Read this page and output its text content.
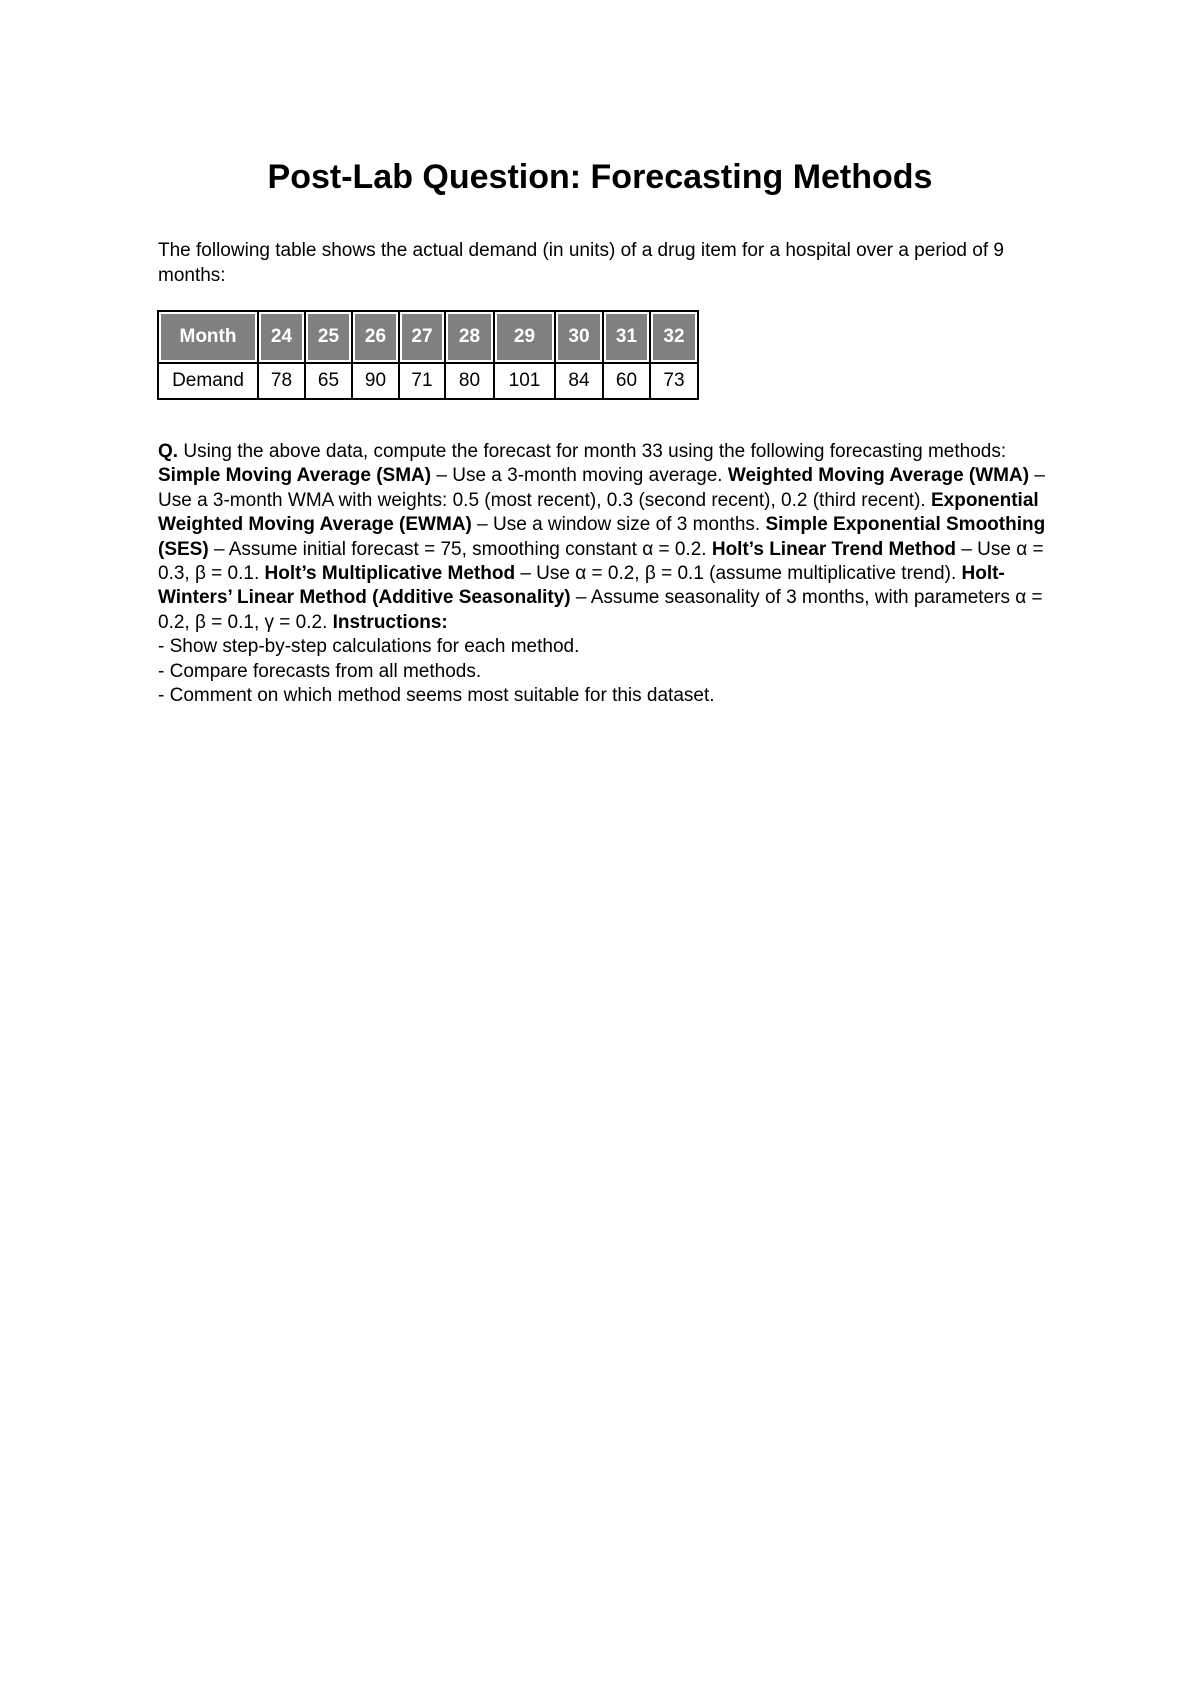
Post-Lab Question: Forecasting Methods

The following table shows the actual demand (in units) of a drug item for a hospital over a period of 9 months:

Month	24	25	26	27	28	29	30	31	32
Demand	78	65	90	71	80	101	84	60	73
Q. Using the above data, compute the forecast for month 33 using the following forecasting methods: Simple Moving Average (SMA) – Use a 3-month moving average. Weighted Moving Average (WMA) – Use a 3-month WMA with weights: 0.5 (most recent), 0.3 (second recent), 0.2 (third recent). Exponential Weighted Moving Average (EWMA) – Use a window size of 3 months. Simple Exponential Smoothing (SES) – Assume initial forecast = 75, smoothing constant α = 0.2. Holt’s Linear Trend Method – Use α = 0.3, β = 0.1. Holt’s Multiplicative Method – Use α = 0.2, β = 0.1 (assume multiplicative trend). Holt-Winters’ Linear Method (Additive Seasonality) – Assume seasonality of 3 months, with parameters α = 0.2, β = 0.1, γ = 0.2. Instructions:
- Show step-by-step calculations for each method.
- Compare forecasts from all methods.
- Comment on which method seems most suitable for this dataset.
